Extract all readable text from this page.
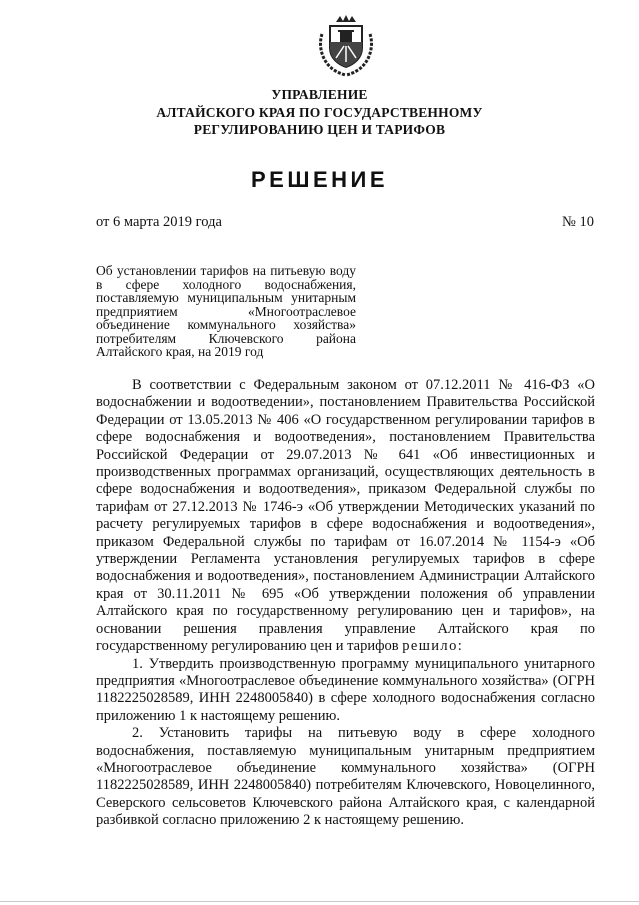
УПРАВЛЕНИЕ
АЛТАЙСКОГО КРАЯ ПО ГОСУДАРСТВЕННОМУ
РЕГУЛИРОВАНИЮ ЦЕН И ТАРИФОВ
РЕШЕНИЕ
от 6 марта 2019 года	№ 10
Об установлении тарифов на питьевую воду в сфере холодного водоснабжения, поставляемую муниципальным унитарным предприятием «Многоотраслевое объединение коммунального хозяйства» потребителям Ключевского района Алтайского края, на 2019 год

В соответствии с Федеральным законом от 07.12.2011 № 416-ФЗ «О водоснабжении и водоотведении», постановлением Правительства Российской Федерации от 13.05.2013 № 406 «О государственном регулировании тарифов в сфере водоснабжения и водоотведения», постановлением Правительства Российской Федерации от 29.07.2013 № 641 «Об инвестиционных и производственных программах организаций, осуществляющих деятельность в сфере водоснабжения и водоотведения», приказом Федеральной службы по тарифам от 27.12.2013 № 1746-э «Об утверждении Методических указаний по расчету регулируемых тарифов в сфере водоснабжения и водоотведения», приказом Федеральной службы по тарифам от 16.07.2014 № 1154-э «Об утверждении Регламента установления регулируемых тарифов в сфере водоснабжения и водоотведения», постановлением Администрации Алтайского края от 30.11.2011 № 695 «Об утверждении положения об управлении Алтайского края по государственному регулированию цен и тарифов», на основании решения правления управление Алтайского края по государственному регулированию цен и тарифов решило:

1. Утвердить производственную программу муниципального унитарного предприятия «Многоотраслевое объединение коммунального хозяйства» (ОГРН 1182225028589, ИНН 2248005840) в сфере холодного водоснабжения согласно приложению 1 к настоящему решению.

2. Установить тарифы на питьевую воду в сфере холодного водоснабжения, поставляемую муниципальным унитарным предприятием «Многоотраслевое объединение коммунального хозяйства» (ОГРН 1182225028589, ИНН 2248005840) потребителям Ключевского, Новоцелинного, Северского сельсоветов Ключевского района Алтайского края, с календарной разбивкой согласно приложению 2 к настоящему решению.
